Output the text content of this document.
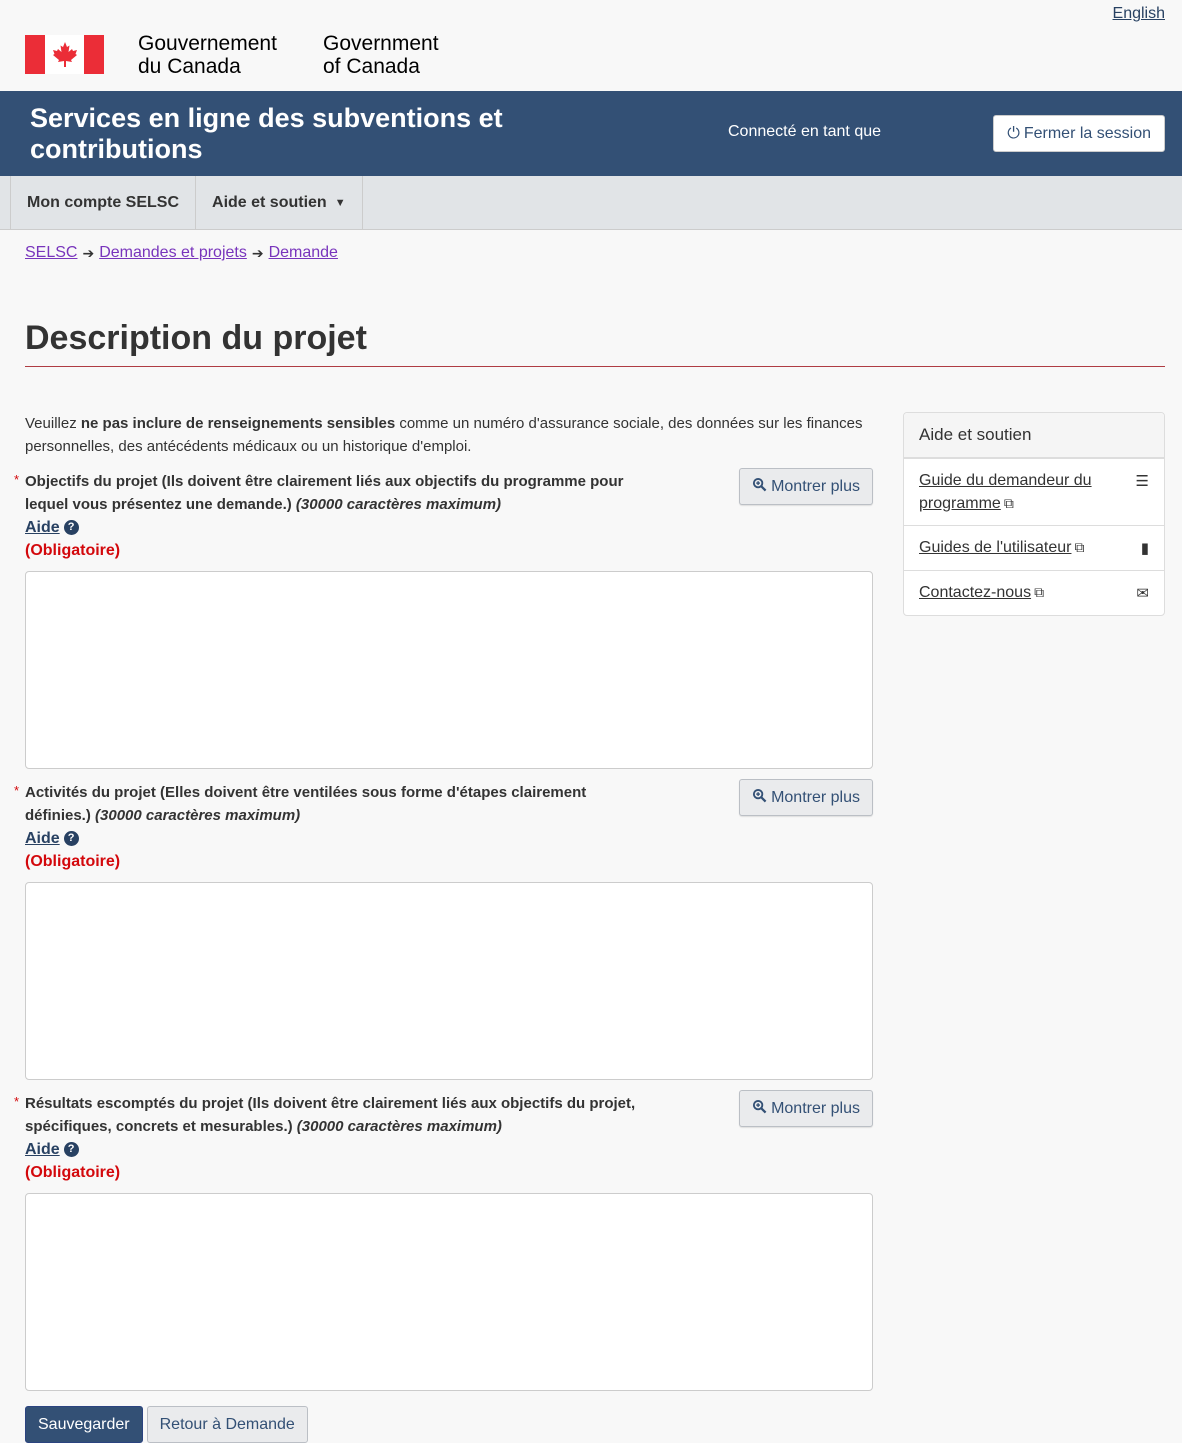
English
Gouvernement
du Canada
Government
of Canada
Services en ligne des subventions et contributions
Connecté en tant que	⏻ Fermer la session
Mon compte SELSC Aide et soutien ▼
SELSC ➔ Demandes et projets ➔ Demande
Description du projet

Veuillez ne pas inclure de renseignements sensibles comme un numéro d'assurance sociale, des données sur les finances personnelles, des antécédents médicaux ou un historique d'emploi.

* Objectifs du projet (Ils doivent être clairement liés aux objectifs du programme pour lequel vous présentez une demande.) (30000 caractères maximum)
Aide ?
(Obligatoire)
Montrer plus
* Activités du projet (Elles doivent être ventilées sous forme d'étapes clairement définies.) (30000 caractères maximum)
Aide ?
(Obligatoire)
Montrer plus
* Résultats escomptés du projet (Ils doivent être clairement liés aux objectifs du projet, spécifiques, concrets et mesurables.) (30000 caractères maximum)
Aide ?
(Obligatoire)
Montrer plus
Sauvegarder	Retour à Demande
Aide et soutien
Guide du demandeur du programme ⧉
☰
Guides de l'utilisateur ⧉	▮
Contactez-nous ⧉	✉
